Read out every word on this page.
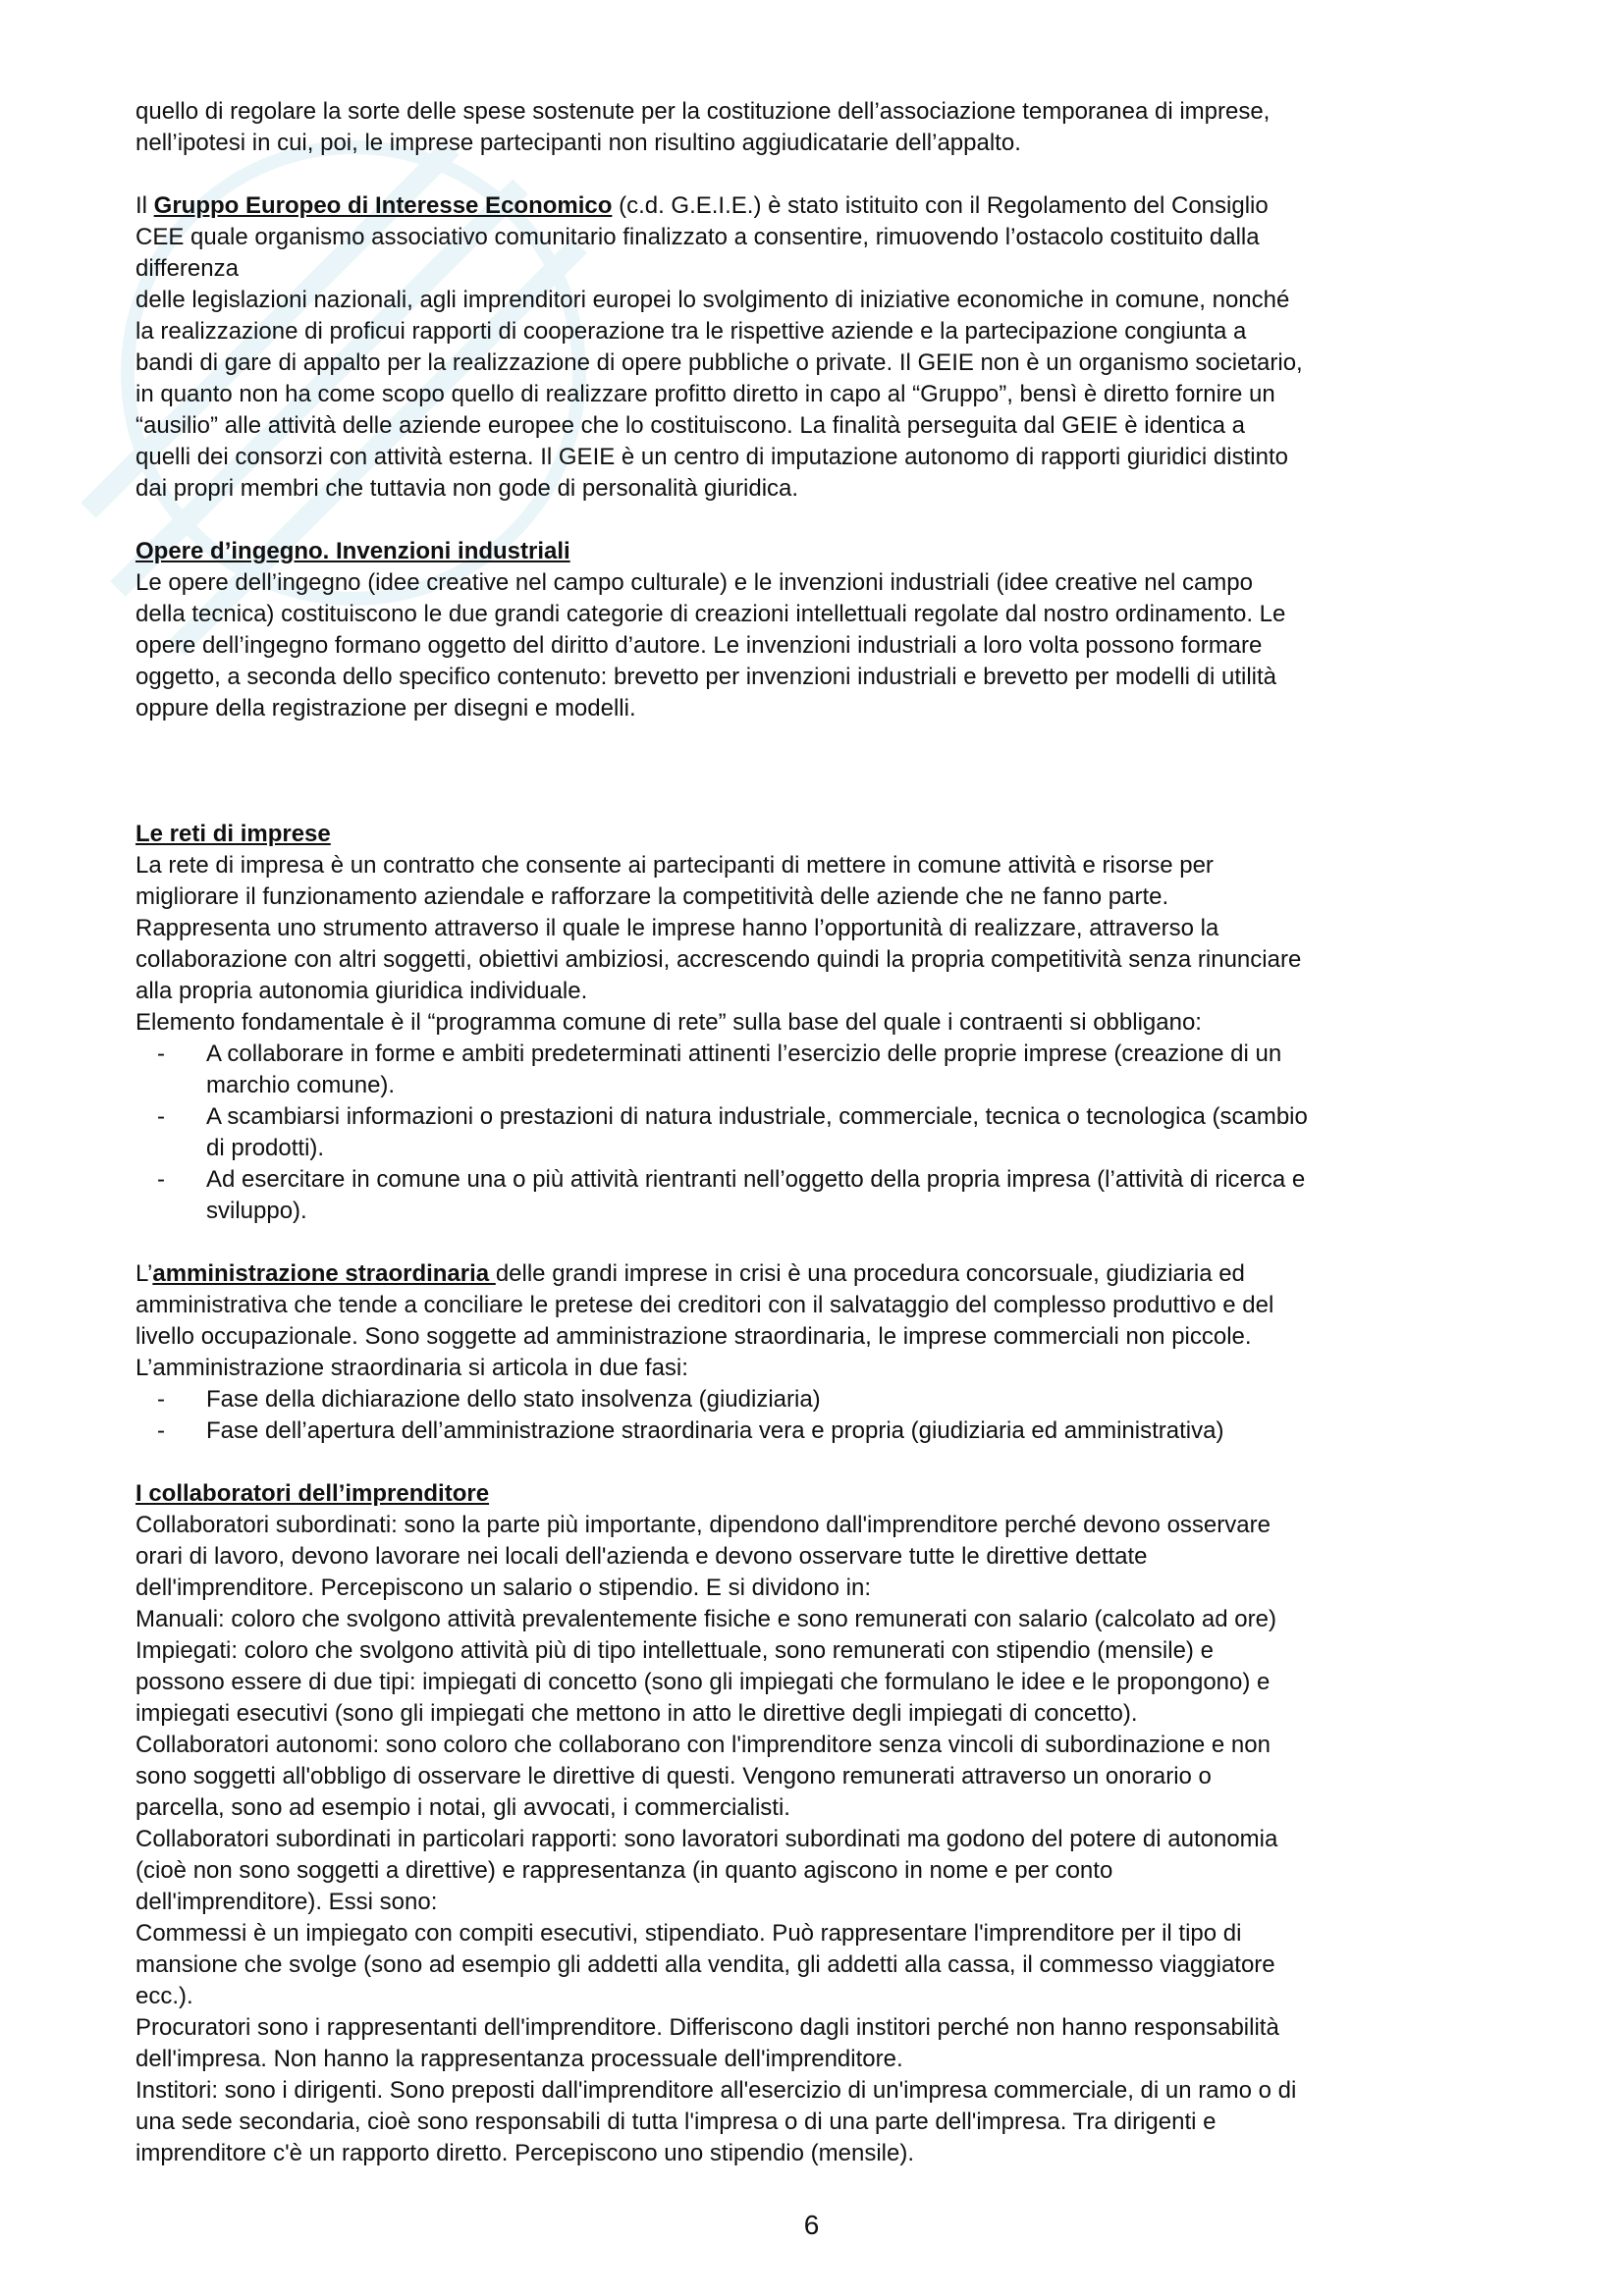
quello di regolare la sorte delle spese sostenute per la costituzione dell’associazione temporanea di imprese,

nell’ipotesi in cui, poi, le imprese partecipanti non risultino aggiudicatarie dell’appalto.

Il Gruppo Europeo di Interesse Economico (c.d. G.E.I.E.) è stato istituito con il Regolamento del Consiglio

CEE quale organismo associativo comunitario finalizzato a consentire, rimuovendo l’ostacolo costituito dalla

differenza

delle legislazioni nazionali, agli imprenditori europei lo svolgimento di iniziative economiche in comune, nonché

la realizzazione di proficui rapporti di cooperazione tra le rispettive aziende e la partecipazione congiunta a

bandi di gare di appalto per la realizzazione di opere pubbliche o private. Il GEIE non è un organismo societario,

in quanto non ha come scopo quello di realizzare profitto diretto in capo al “Gruppo”, bensì è diretto fornire un

“ausilio” alle attività delle aziende europee che lo costituiscono. La finalità perseguita dal GEIE è identica a

quelli dei consorzi con attività esterna. Il GEIE è un centro di imputazione autonomo di rapporti giuridici distinto

dai propri membri che tuttavia non gode di personalità giuridica.

Opere d’ingegno. Invenzioni industriali

Le opere dell’ingegno (idee creative nel campo culturale) e le invenzioni industriali (idee creative nel campo

della tecnica) costituiscono le due grandi categorie di creazioni intellettuali regolate dal nostro ordinamento. Le

opere dell’ingegno formano oggetto del diritto d’autore. Le invenzioni industriali a loro volta possono formare

oggetto, a seconda dello specifico contenuto: brevetto per invenzioni industriali e brevetto per modelli di utilità

oppure della registrazione per disegni e modelli.

Le reti di imprese

La rete di impresa è un contratto che consente ai partecipanti di mettere in comune attività e risorse per

migliorare il funzionamento aziendale e rafforzare la competitività delle aziende che ne fanno parte.

Rappresenta uno strumento attraverso il quale le imprese hanno l’opportunità di realizzare, attraverso la

collaborazione con altri soggetti, obiettivi ambiziosi, accrescendo quindi la propria competitività senza rinunciare

alla propria autonomia giuridica individuale.

Elemento fondamentale è il “programma comune di rete” sulla base del quale i contraenti si obbligano:

- A collaborare in forme e ambiti predeterminati attinenti l’esercizio delle proprie imprese (creazione di un
marchio comune).
- A scambiarsi informazioni o prestazioni di natura industriale, commerciale, tecnica o tecnologica (scambio
di prodotti).
- Ad esercitare in comune una o più attività rientranti nell’oggetto della propria impresa (l’attività di ricerca e
sviluppo).

L’amministrazione straordinaria delle grandi imprese in crisi è una procedura concorsuale, giudiziaria ed

amministrativa che tende a conciliare le pretese dei creditori con il salvataggio del complesso produttivo e del

livello occupazionale. Sono soggette ad amministrazione straordinaria, le imprese commerciali non piccole.

L’amministrazione straordinaria si articola in due fasi:

- Fase della dichiarazione dello stato insolvenza (giudiziaria)
- Fase dell’apertura dell’amministrazione straordinaria vera e propria (giudiziaria ed amministrativa)

I collaboratori dell’imprenditore

Collaboratori subordinati: sono la parte più importante, dipendono dall'imprenditore perché devono osservare

orari di lavoro, devono lavorare nei locali dell'azienda e devono osservare tutte le direttive dettate

dell'imprenditore. Percepiscono un salario o stipendio. E si dividono in:

Manuali: coloro che svolgono attività prevalentemente fisiche e sono remunerati con salario (calcolato ad ore)

Impiegati: coloro che svolgono attività più di tipo intellettuale, sono remunerati con stipendio (mensile) e

possono essere di due tipi: impiegati di concetto (sono gli impiegati che formulano le idee e le propongono) e

impiegati esecutivi (sono gli impiegati che mettono in atto le direttive degli impiegati di concetto).

Collaboratori autonomi: sono coloro che collaborano con l'imprenditore senza vincoli di subordinazione e non

sono soggetti all'obbligo di osservare le direttive di questi. Vengono remunerati attraverso un onorario o

parcella, sono ad esempio i notai, gli avvocati, i commercialisti.

Collaboratori subordinati in particolari rapporti: sono lavoratori subordinati ma godono del potere di autonomia

(cioè non sono soggetti a direttive) e rappresentanza (in quanto agiscono in nome e per conto

dell'imprenditore). Essi sono:

Commessi è un impiegato con compiti esecutivi, stipendiato. Può rappresentare l'imprenditore per il tipo di

mansione che svolge (sono ad esempio gli addetti alla vendita, gli addetti alla cassa, il commesso viaggiatore

ecc.).

Procuratori sono i rappresentanti dell'imprenditore. Differiscono dagli institori perché non hanno responsabilità

dell'impresa. Non hanno la rappresentanza processuale dell'imprenditore.

Institori: sono i dirigenti. Sono preposti dall'imprenditore all'esercizio di un'impresa commerciale, di un ramo o di

una sede secondaria, cioè sono responsabili di tutta l'impresa o di una parte dell'impresa. Tra dirigenti e

imprenditore c'è un rapporto diretto. Percepiscono uno stipendio (mensile).

6
